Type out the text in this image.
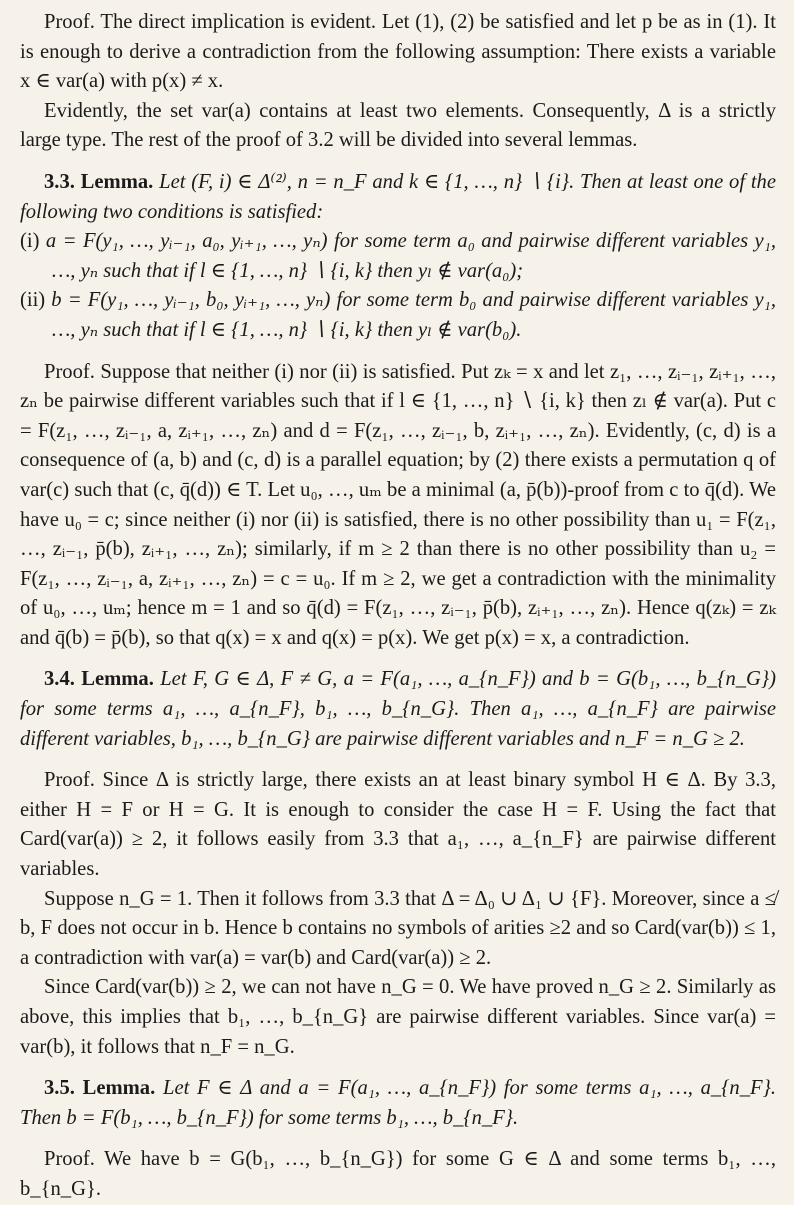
Proof. The direct implication is evident. Let (1), (2) be satisfied and let p be as in (1). It is enough to derive a contradiction from the following assumption: There exists a variable x ∈ var(a) with p(x) ≠ x.

Evidently, the set var(a) contains at least two elements. Consequently, Δ is a strictly large type. The rest of the proof of 3.2 will be divided into several lemmas.

3.3. Lemma. Let (F, i) ∈ Δ⁽²⁾, n = n_F and k ∈ {1, …, n} ∖ {i}. Then at least one of the following two conditions is satisfied:

(i) a = F(y₁, …, yᵢ₋₁, a₀, yᵢ₊₁, …, yₙ) for some term a₀ and pairwise different variables y₁, …, yₙ such that if l ∈ {1, …, n} ∖ {i, k} then yₗ ∉ var(a₀);

(ii) b = F(y₁, …, yᵢ₋₁, b₀, yᵢ₊₁, …, yₙ) for some term b₀ and pairwise different variables y₁, …, yₙ such that if l ∈ {1, …, n} ∖ {i, k} then yₗ ∉ var(b₀).

Proof. Suppose that neither (i) nor (ii) is satisfied. Put zₖ = x and let z₁, …, zᵢ₋₁, zᵢ₊₁, …, zₙ be pairwise different variables such that if l ∈ {1, …, n} ∖ {i, k} then zₗ ∉ var(a). Put c = F(z₁, …, zᵢ₋₁, a, zᵢ₊₁, …, zₙ) and d = F(z₁, …, zᵢ₋₁, b, zᵢ₊₁, …, zₙ). Evidently, (c, d) is a consequence of (a, b) and (c, d) is a parallel equation; by (2) there exists a permutation q of var(c) such that (c, q̄(d)) ∈ T. Let u₀, …, uₘ be a minimal (a, p̄(b))-proof from c to q̄(d). We have u₀ = c; since neither (i) nor (ii) is satisfied, there is no other possibility than u₁ = F(z₁, …, zᵢ₋₁, p̄(b), zᵢ₊₁, …, zₙ); similarly, if m ≥ 2 than there is no other possibility than u₂ = F(z₁, …, zᵢ₋₁, a, zᵢ₊₁, …, zₙ) = c = u₀. If m ≥ 2, we get a contradiction with the minimality of u₀, …, uₘ; hence m = 1 and so q̄(d) = F(z₁, …, zᵢ₋₁, p̄(b), zᵢ₊₁, …, zₙ). Hence q(zₖ) = zₖ and q̄(b) = p̄(b), so that q(x) = x and q(x) = p(x). We get p(x) = x, a contradiction.

3.4. Lemma. Let F, G ∈ Δ, F ≠ G, a = F(a₁, …, a_{n_F}) and b = G(b₁, …, b_{n_G}) for some terms a₁, …, a_{n_F}, b₁, …, b_{n_G}. Then a₁, …, a_{n_F} are pairwise different variables, b₁, …, b_{n_G} are pairwise different variables and n_F = n_G ≥ 2.

Proof. Since Δ is strictly large, there exists an at least binary symbol H ∈ Δ. By 3.3, either H = F or H = G. It is enough to consider the case H = F. Using the fact that Card(var(a)) ≥ 2, it follows easily from 3.3 that a₁, …, a_{n_F} are pairwise different variables.

Suppose n_G = 1. Then it follows from 3.3 that Δ = Δ₀ ∪ Δ₁ ∪ {F}. Moreover, since a ≰ b, F does not occur in b. Hence b contains no symbols of arities ≥2 and so Card(var(b)) ≤ 1, a contradiction with var(a) = var(b) and Card(var(a)) ≥ 2.

Since Card(var(b)) ≥ 2, we can not have n_G = 0. We have proved n_G ≥ 2. Similarly as above, this implies that b₁, …, b_{n_G} are pairwise different variables. Since var(a) = var(b), it follows that n_F = n_G.

3.5. Lemma. Let F ∈ Δ and a = F(a₁, …, a_{n_F}) for some terms a₁, …, a_{n_F}. Then b = F(b₁, …, b_{n_F}) for some terms b₁, …, b_{n_F}.

Proof. We have b = G(b₁, …, b_{n_G}) for some G ∈ Δ and some terms b₁, …, b_{n_G}.
